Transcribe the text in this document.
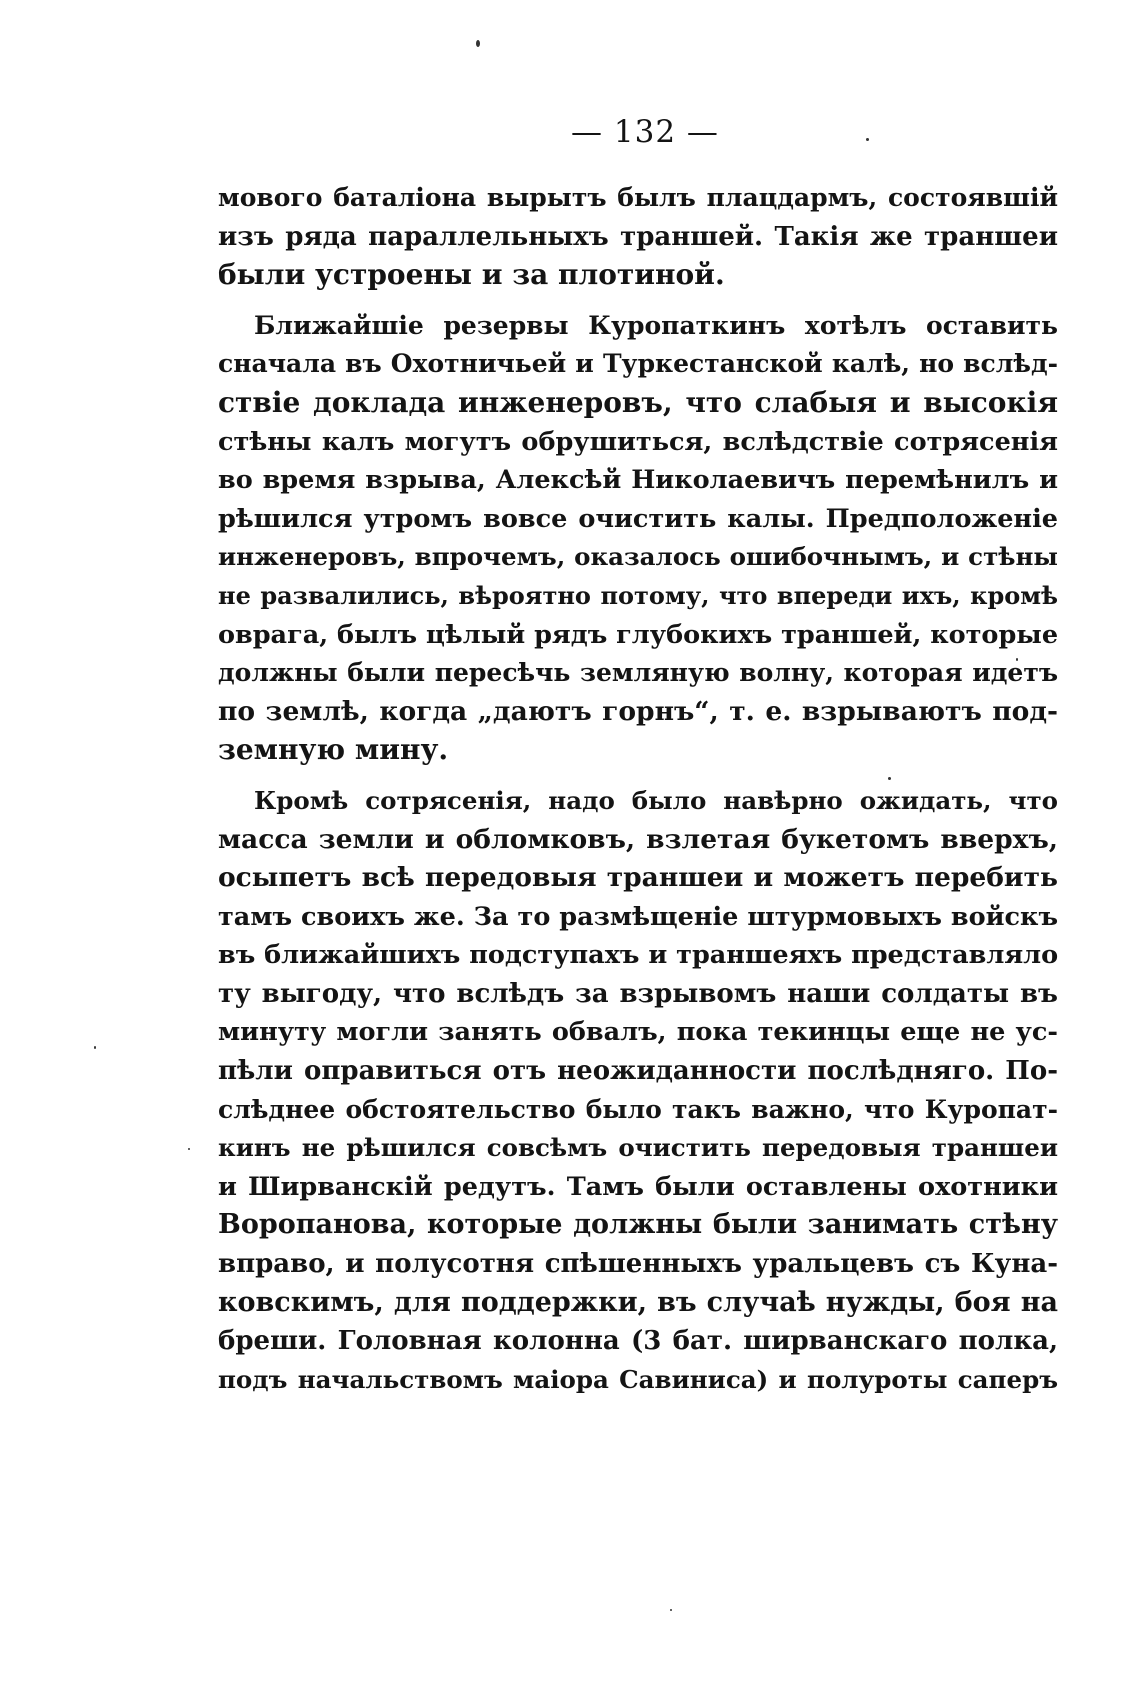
— 132 —
мового баталіона вырытъ былъ плацдармъ, состоявшій
изъ ряда параллельныхъ траншей. Такія же траншеи
были устроены и за плотиной.
Ближайшіе резервы Куропаткинъ хотѣлъ оставить
сначала въ Охотничьей и Туркестанской калѣ, но вслѣд-
ствіе доклада инженеровъ, что слабыя и высокія
стѣны калъ могутъ обрушиться, вслѣдствіе сотрясенія
во время взрыва, Алексѣй Николаевичъ перемѣнилъ и
рѣшился утромъ вовсе очистить калы. Предположеніе
инженеровъ, впрочемъ, оказалось ошибочнымъ, и стѣны
не развалились, вѣроятно потому, что впереди ихъ, кромѣ
оврага, былъ цѣлый рядъ глубокихъ траншей, которые
должны были пересѣчь земляную волну, которая идетъ
по землѣ, когда „даютъ горнъ“, т. е. взрываютъ под-
земную мину.
Кромѣ сотрясенія, надо было навѣрно ожидать, что
масса земли и обломковъ, взлетая букетомъ вверхъ,
осыпетъ всѣ передовыя траншеи и можетъ перебить
тамъ своихъ же. За то размѣщеніе штурмовыхъ войскъ
въ ближайшихъ подступахъ и траншеяхъ представляло
ту выгоду, что вслѣдъ за взрывомъ наши солдаты въ
минуту могли занять обвалъ, пока текинцы еще не ус-
пѣли оправиться отъ неожиданности послѣдняго. По-
слѣднее обстоятельство было такъ важно, что Куропат-
кинъ не рѣшился совсѣмъ очистить передовыя траншеи
и Ширванскій редутъ. Тамъ были оставлены охотники
Воропанова, которые должны были занимать стѣну
вправо, и полусотня спѣшенныхъ уральцевъ съ Куна-
ковскимъ, для поддержки, въ случаѣ нужды, боя на
бреши. Головная колонна (3 бат. ширванскаго полка,
подъ начальствомъ маіора Савиниса) и полуроты саперъ
